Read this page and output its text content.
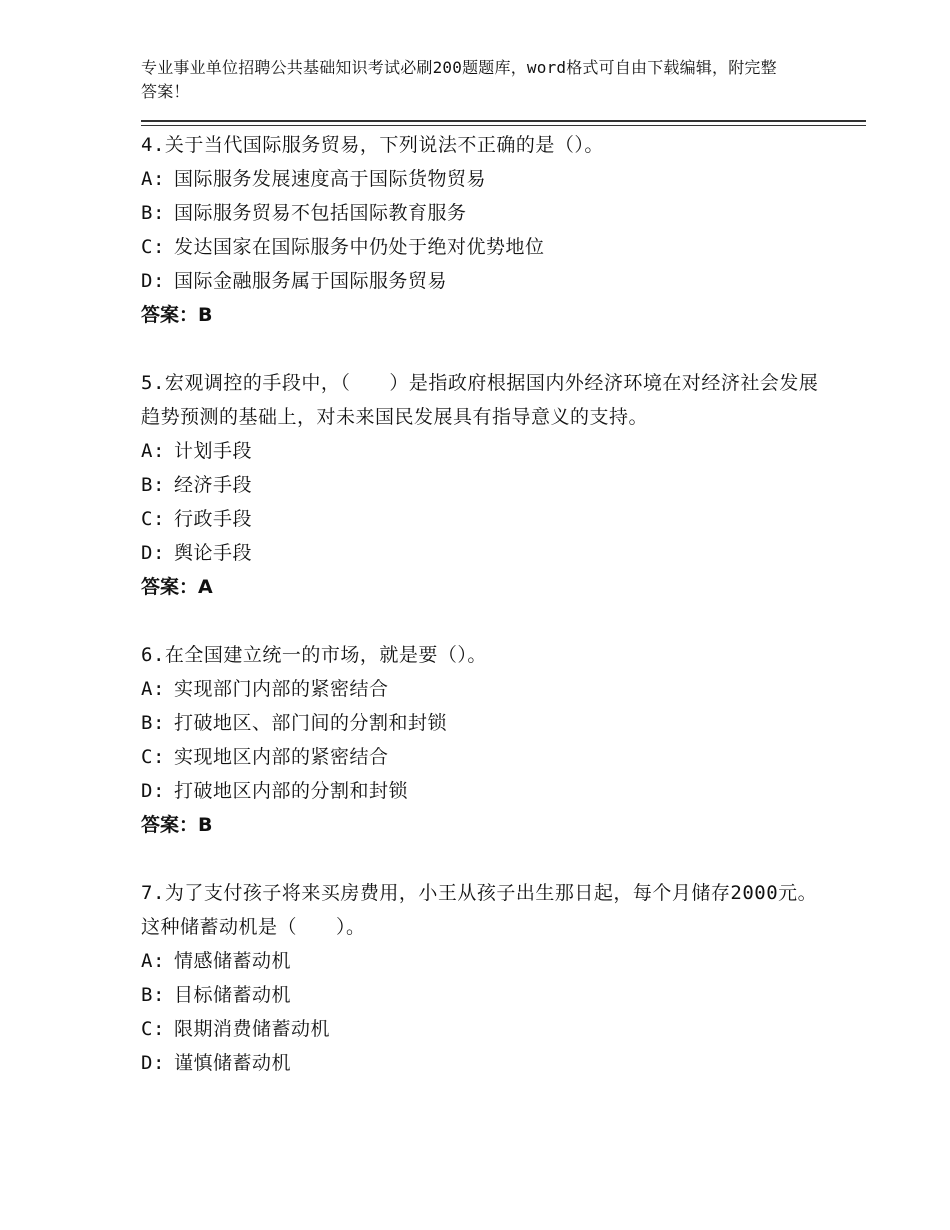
专业事业单位招聘公共基础知识考试必刷200题题库，word格式可自由下载编辑，附完整答案！
4.关于当代国际服务贸易，下列说法不正确的是（）。
A: 国际服务发展速度高于国际货物贸易
B: 国际服务贸易不包括国际教育服务
C: 发达国家在国际服务中仍处于绝对优势地位
D: 国际金融服务属于国际服务贸易
答案：B
5.宏观调控的手段中，（　　）是指政府根据国内外经济环境在对经济社会发展趋势预测的基础上，对未来国民发展具有指导意义的支持。
A: 计划手段
B: 经济手段
C: 行政手段
D: 舆论手段
答案：A
6.在全国建立统一的市场，就是要（）。
A: 实现部门内部的紧密结合
B: 打破地区、部门间的分割和封锁
C: 实现地区内部的紧密结合
D: 打破地区内部的分割和封锁
答案：B
7.为了支付孩子将来买房费用，小王从孩子出生那日起，每个月储存2000元。这种储蓄动机是（　　）。
A: 情感储蓄动机
B: 目标储蓄动机
C: 限期消费储蓄动机
D: 谨慎储蓄动机
